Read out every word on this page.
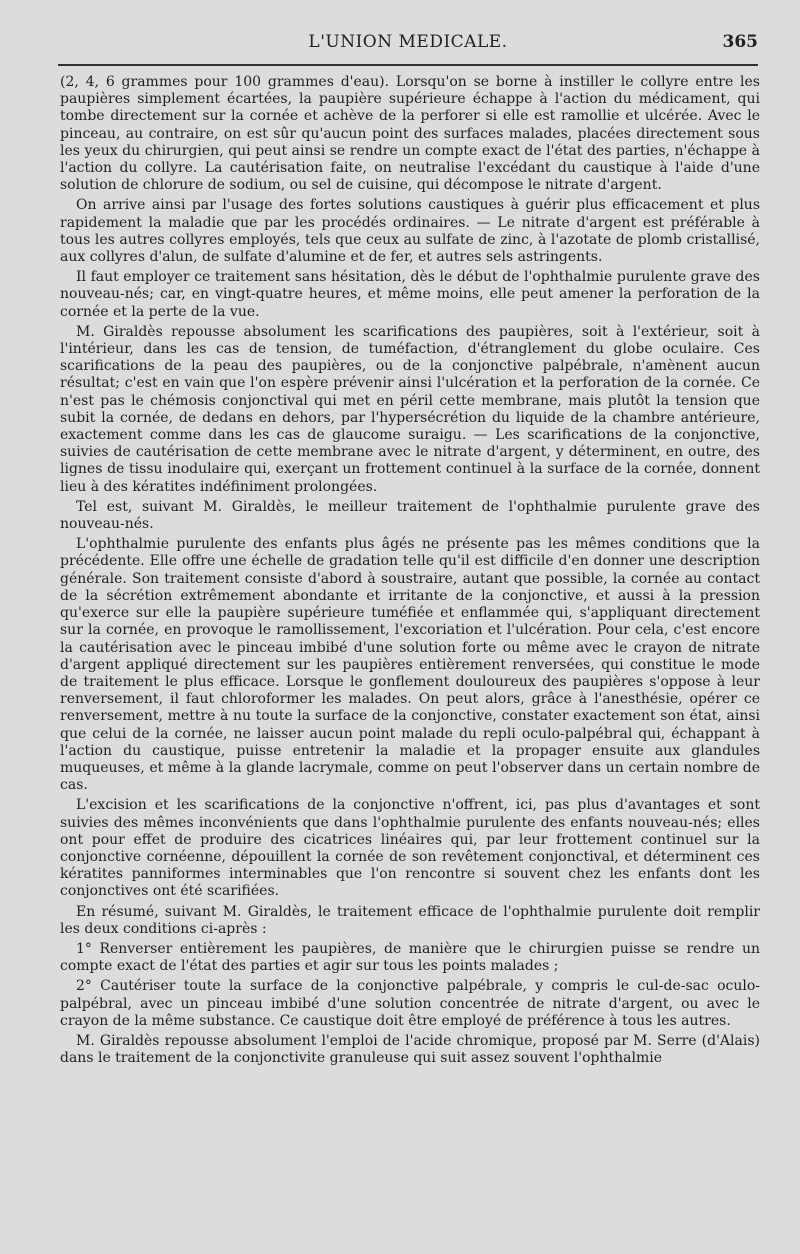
L'UNION MEDICALE.	365

(2, 4, 6 grammes pour 100 grammes d'eau). Lorsqu'on se borne à instiller le collyre entre les paupières simplement écartées, la paupière supérieure échappe à l'action du médicament, qui tombe directement sur la cornée et achève de la perforer si elle est ramollie et ulcérée. Avec le pinceau, au contraire, on est sûr qu'aucun point des surfaces malades, placées directement sous les yeux du chirurgien, qui peut ainsi se rendre un compte exact de l'état des parties, n'échappe à l'action du collyre. La cautérisation faite, on neutralise l'excédant du caustique à l'aide d'une solution de chlorure de sodium, ou sel de cuisine, qui décompose le nitrate d'argent.

On arrive ainsi par l'usage des fortes solutions caustiques à guérir plus efficacement et plus rapidement la maladie que par les procédés ordinaires. — Le nitrate d'argent est préférable à tous les autres collyres employés, tels que ceux au sulfate de zinc, à l'azotate de plomb cristallisé, aux collyres d'alun, de sulfate d'alumine et de fer, et autres sels astringents.

Il faut employer ce traitement sans hésitation, dès le début de l'ophthalmie purulente grave des nouveau-nés; car, en vingt-quatre heures, et même moins, elle peut amener la perforation de la cornée et la perte de la vue.

M. Giraldès repousse absolument les scarifications des paupières, soit à l'extérieur, soit à l'intérieur, dans les cas de tension, de tuméfaction, d'étranglement du globe oculaire. Ces scarifications de la peau des paupières, ou de la conjonctive palpébrale, n'amènent aucun résultat; c'est en vain que l'on espère prévenir ainsi l'ulcération et la perforation de la cornée. Ce n'est pas le chémosis conjonctival qui met en péril cette membrane, mais plutôt la tension que subit la cornée, de dedans en dehors, par l'hypersécrétion du liquide de la chambre antérieure, exactement comme dans les cas de glaucome suraigu. — Les scarifications de la conjonctive, suivies de cautérisation de cette membrane avec le nitrate d'argent, y déterminent, en outre, des lignes de tissu inodulaire qui, exerçant un frottement continuel à la surface de la cornée, donnent lieu à des kératites indéfiniment prolongées.

Tel est, suivant M. Giraldès, le meilleur traitement de l'ophthalmie purulente grave des nouveau-nés.

L'ophthalmie purulente des enfants plus âgés ne présente pas les mêmes conditions que la précédente. Elle offre une échelle de gradation telle qu'il est difficile d'en donner une description générale. Son traitement consiste d'abord à soustraire, autant que possible, la cornée au contact de la sécrétion extrêmement abondante et irritante de la conjonctive, et aussi à la pression qu'exerce sur elle la paupière supérieure tuméfiée et enflammée qui, s'appliquant directement sur la cornée, en provoque le ramollissement, l'excoriation et l'ulcération. Pour cela, c'est encore la cautérisation avec le pinceau imbibé d'une solution forte ou même avec le crayon de nitrate d'argent appliqué directement sur les paupières entièrement renversées, qui constitue le mode de traitement le plus efficace. Lorsque le gonflement douloureux des paupières s'oppose à leur renversement, il faut chloroformer les malades. On peut alors, grâce à l'anesthésie, opérer ce renversement, mettre à nu toute la surface de la conjonctive, constater exactement son état, ainsi que celui de la cornée, ne laisser aucun point malade du repli oculo-palpébral qui, échappant à l'action du caustique, puisse entretenir la maladie et la propager ensuite aux glandules muqueuses, et même à la glande lacrymale, comme on peut l'observer dans un certain nombre de cas.

L'excision et les scarifications de la conjonctive n'offrent, ici, pas plus d'avantages et sont suivies des mêmes inconvénients que dans l'ophthalmie purulente des enfants nouveau-nés; elles ont pour effet de produire des cicatrices linéaires qui, par leur frottement continuel sur la conjonctive cornéenne, dépouillent la cornée de son revêtement conjonctival, et déterminent ces kératites panniformes interminables que l'on rencontre si souvent chez les enfants dont les conjonctives ont été scarifiées.

En résumé, suivant M. Giraldès, le traitement efficace de l'ophthalmie purulente doit remplir les deux conditions ci-après :

1° Renverser entièrement les paupières, de manière que le chirurgien puisse se rendre un compte exact de l'état des parties et agir sur tous les points malades ;

2° Cautériser toute la surface de la conjonctive palpébrale, y compris le cul-de-sac oculo-palpébral, avec un pinceau imbibé d'une solution concentrée de nitrate d'argent, ou avec le crayon de la même substance. Ce caustique doit être employé de préférence à tous les autres.

M. Giraldès repousse absolument l'emploi de l'acide chromique, proposé par M. Serre (d'Alais) dans le traitement de la conjonctivite granuleuse qui suit assez souvent l'ophthalmie
